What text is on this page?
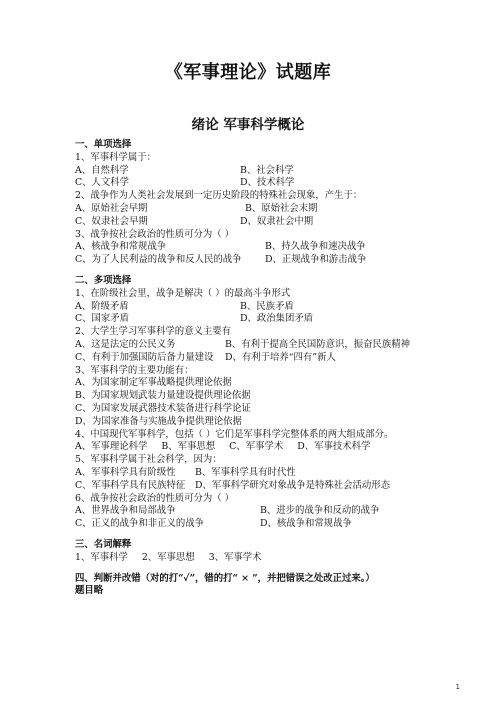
《军事理论》试题库
绪论 军事科学概论
一、单项选择
1、军事科学属于：
A、自然科学	B、社会科学
C、人文科学	D、技术科学
2、战争作为人类社会发展到一定历史阶段的特殊社会现象，产生于：
A、原始社会早期	B、原始社会末期
C、奴隶社会早期	D、奴隶社会中期
3、战争按社会政治的性质可分为（ ）
A、核战争和常规战争	B、持久战争和速决战争
C、为了人民利益的战争和反人民的战争 D、正规战争和游击战争
二、多项选择
1、在阶级社会里，战争是解决（ ）的最高斗争形式
A、阶级矛盾	B、民族矛盾
C、国家矛盾	D、政治集团矛盾
2、大学生学习军事科学的意义主要有
A、这是法定的公民义务	B、有利于提高全民国防意识，振奋民族精神
C、有利于加强国防后备力量建设 D、有利于培养“四有”新人
3、军事科学的主要功能有：
A、为国家制定军事战略提供理论依据
B、为国家规划武装力量建设提供理论依据
C、为国家发展武器技术装备进行科学论证
D、为国家准备与实施战争提供理论依据
4、中国现代军事科学，包括（ ）它们是军事科学完整体系的两大组成部分。
A、军事理论科学 B、军事思想 C、军事学术 D、军事技术科学
5、军事科学属于社会科学，因为：
A、军事科学具有阶级性 B、军事科学具有时代性
C、军事科学具有民族特征 D、军事科学研究对象战争是特殊社会活动形态
6、战争按社会政治的性质可分为（ ）
A、世界战争和局部战争	B、进步的战争和反动的战争
C、正义的战争和非正义的战争	D、核战争和常规战争
三、名词解释
1、军事科学 2、军事思想 3、军事学术
四、判断并改错（对的打“✓”，错的打“ × ”，并把错误之处改正过来。）
题目略
1
